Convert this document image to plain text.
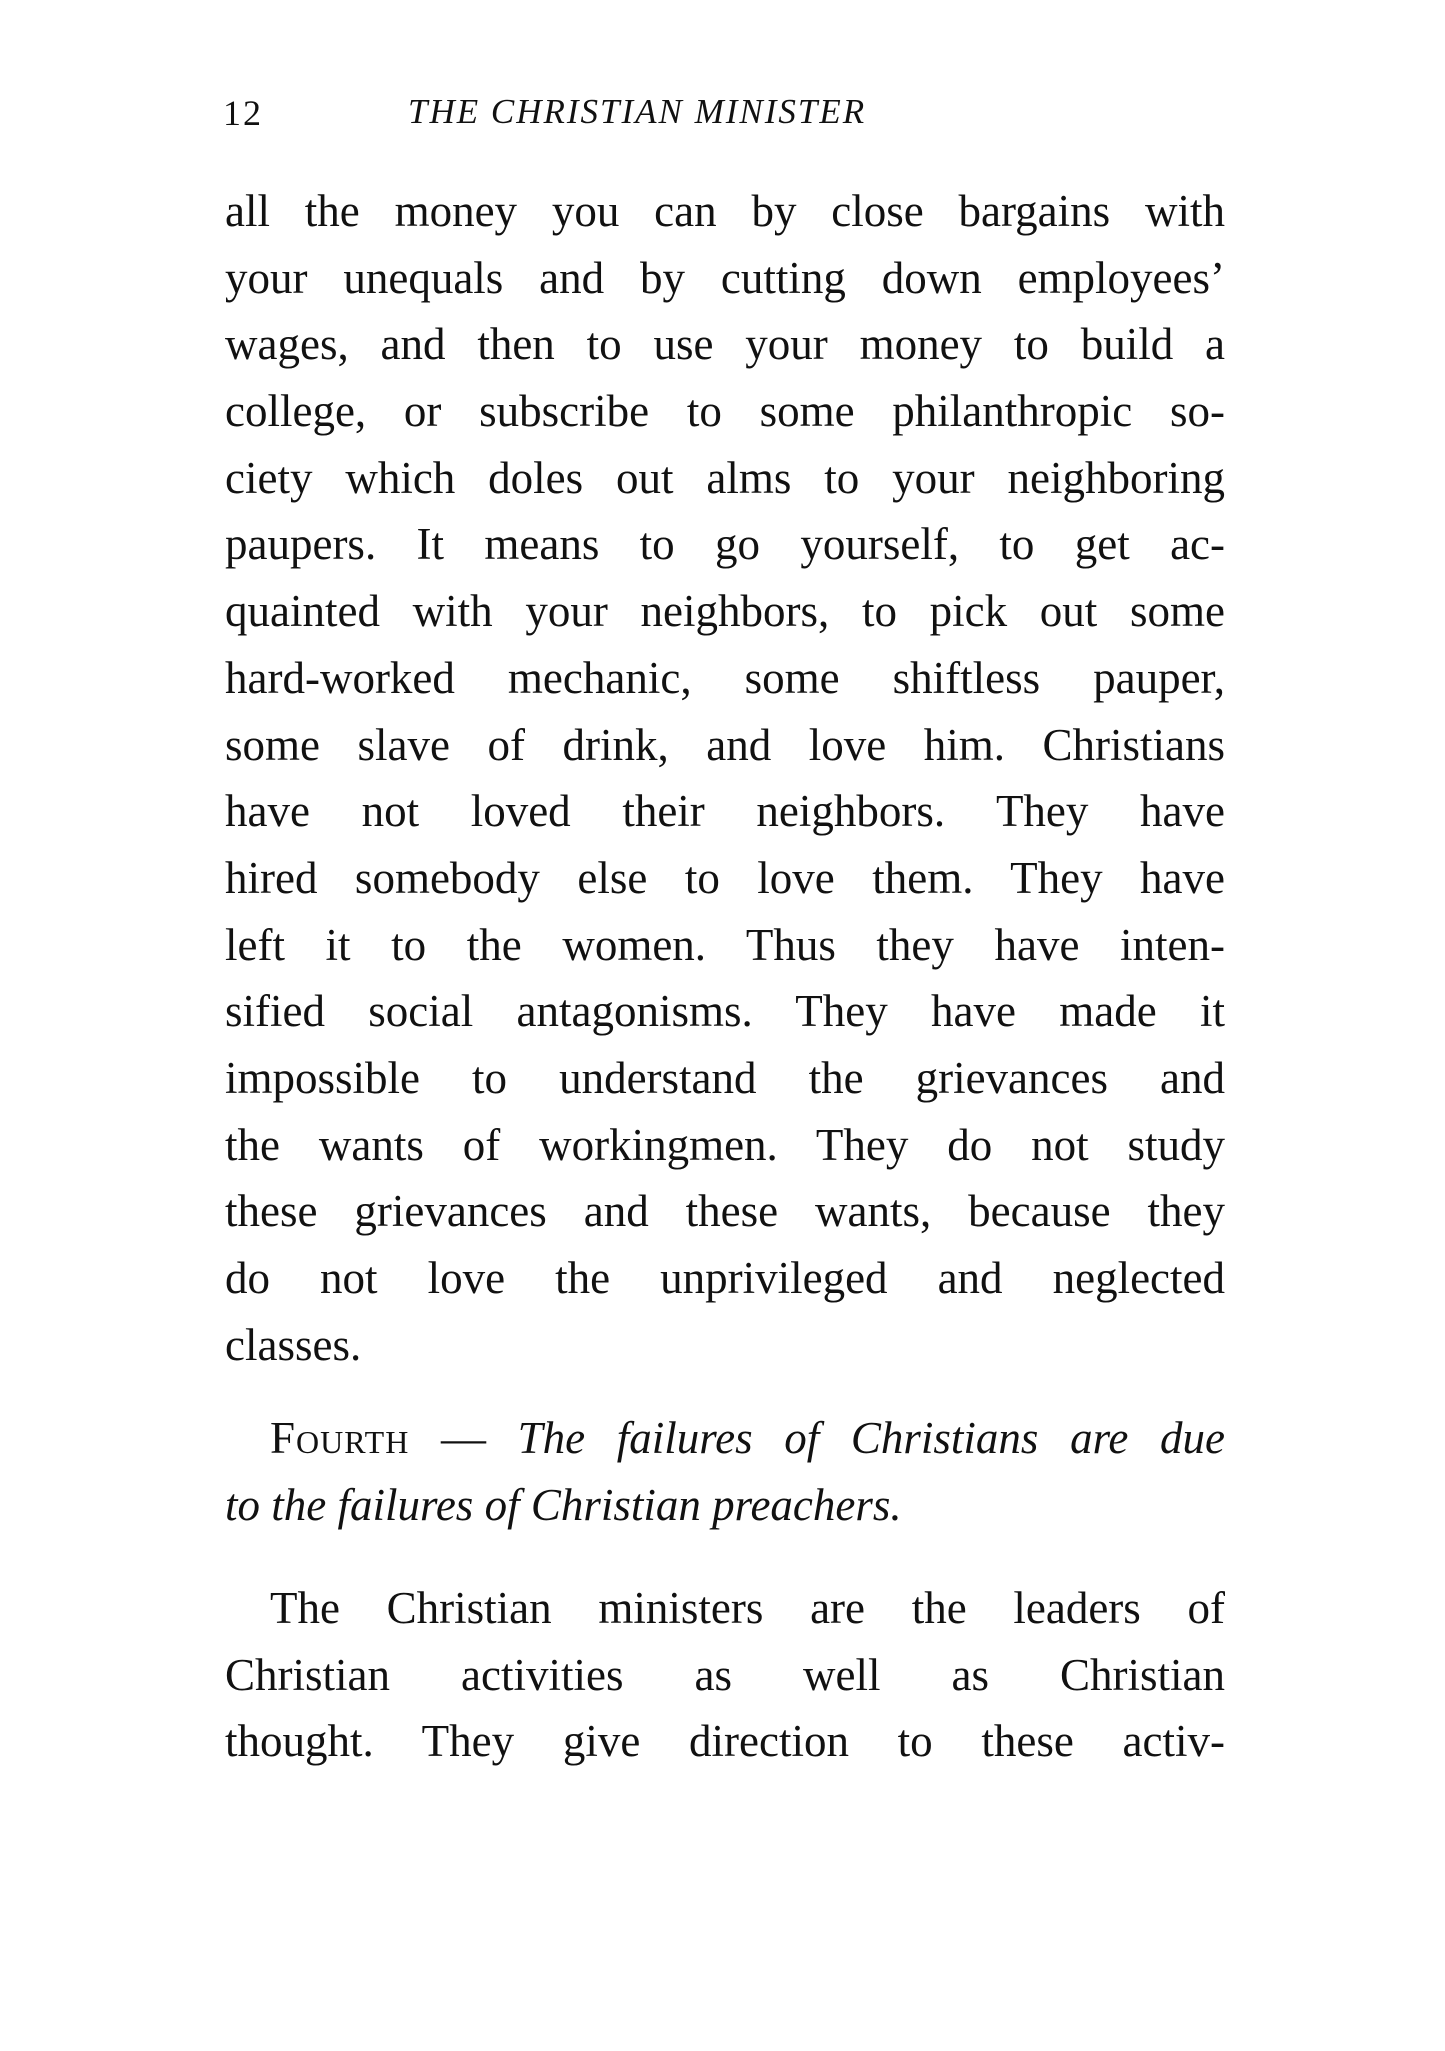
12	THE CHRISTIAN MINISTER
all the money you can by close bargains with
your unequals and by cutting down employees’
wages, and then to use your money to build a
college, or subscribe to some philanthropic so-
ciety which doles out alms to your neighboring
paupers. It means to go yourself, to get ac-
quainted with your neighbors, to pick out some
hard-worked mechanic, some shiftless pauper,
some slave of drink, and love him. Christians
have not loved their neighbors. They have
hired somebody else to love them. They have
left it to the women. Thus they have inten-
sified social antagonisms. They have made it
impossible to understand the grievances and
the wants of workingmen. They do not study
these grievances and these wants, because they
do not love the unprivileged and neglected
classes.
Fourth — The failures of Christians are due
to the failures of Christian preachers.
The Christian ministers are the leaders of
Christian activities as well as Christian
thought. They give direction to these activ-
